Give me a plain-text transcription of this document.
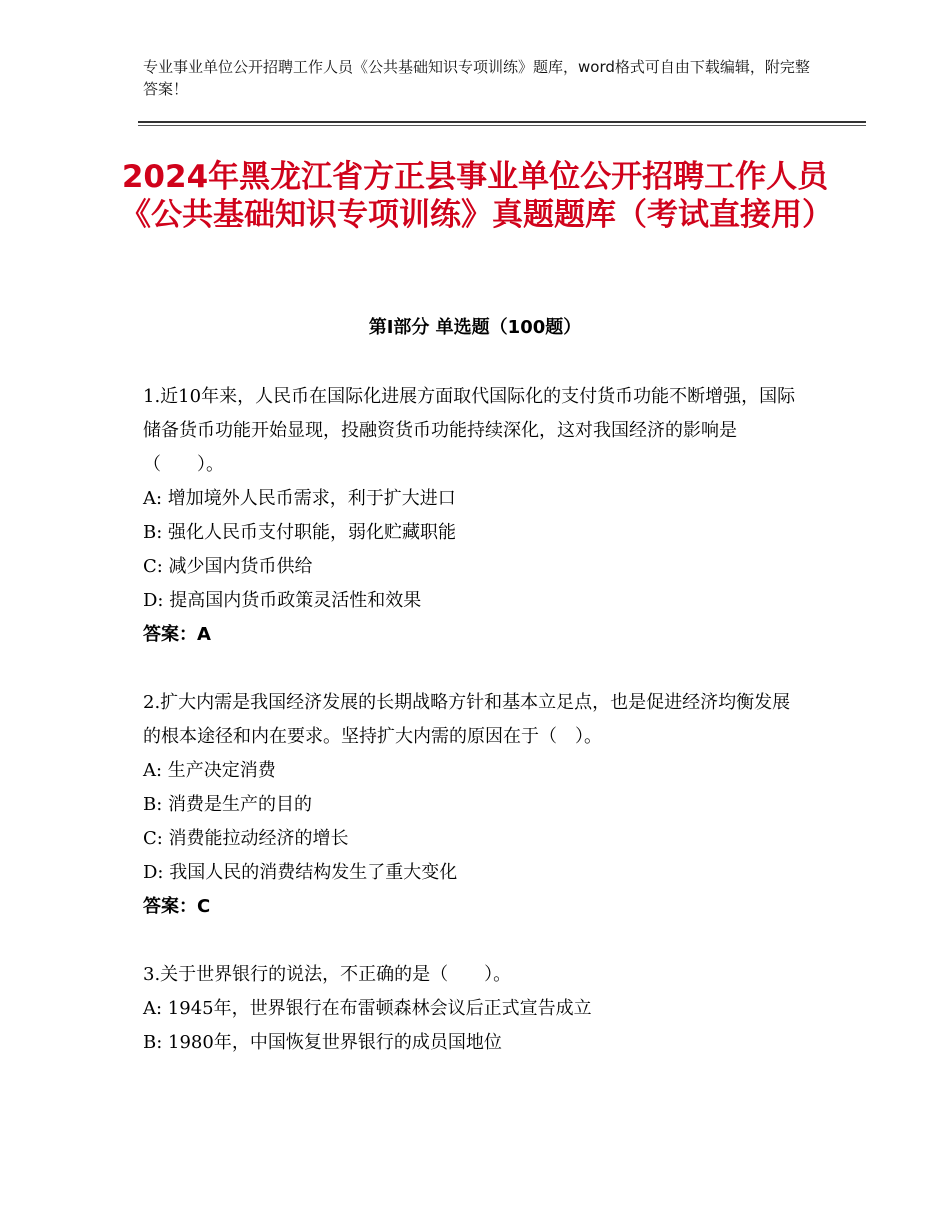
专业事业单位公开招聘工作人员《公共基础知识专项训练》题库，word格式可自由下载编辑，附完整答案！
2024年黑龙江省方正县事业单位公开招聘工作人员《公共基础知识专项训练》真题题库（考试直接用）
第Ⅰ部分 单选题（100题）

1.近10年来，人民币在国际化进展方面取代国际化的支付货币功能不断增强，国际储备货币功能开始显现，投融资货币功能持续深化，这对我国经济的影响是（　　）。

A: 增加境外人民币需求，利于扩大进口

B: 强化人民币支付职能，弱化贮藏职能

C: 减少国内货币供给

D: 提高国内货币政策灵活性和效果

答案：A

2.扩大内需是我国经济发展的长期战略方针和基本立足点，也是促进经济均衡发展的根本途径和内在要求。坚持扩大内需的原因在于（　）。

A: 生产决定消费

B: 消费是生产的目的

C: 消费能拉动经济的增长

D: 我国人民的消费结构发生了重大变化

答案：C

3.关于世界银行的说法，不正确的是（　　）。

A: 1945年，世界银行在布雷顿森林会议后正式宣告成立

B: 1980年，中国恢复世界银行的成员国地位
